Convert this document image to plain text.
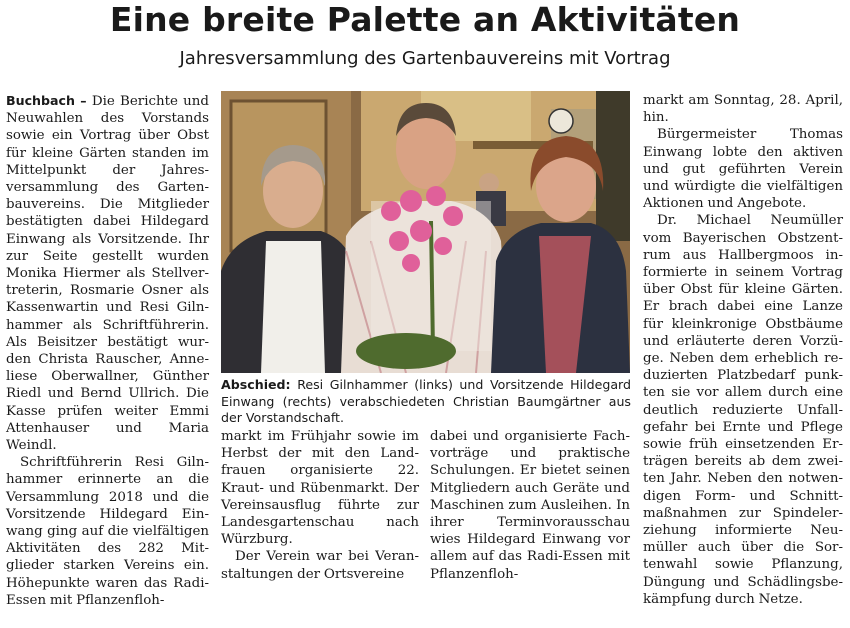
Eine breite Palette an Aktivitäten
Jahresversammlung des Gartenbauvereins mit Vortrag

Buchbach – Die Berichte und Neuwahlen des Vorstands sowie ein Vortrag über Obst für kleine Gärten standen im Mittelpunkt der Jahresversammlung des Gartenbauvereins. Die Mitglieder bestätigten dabei Hildegard Einwang als Vorsitzende. Ihr zur Seite gestellt wurden Monika Hiermer als Stellvertreterin, Rosmarie Osner als Kassenwartin und Resi Gilnhammer als Schriftführerin. Als Beisitzer bestätigt wurden Christa Rauscher, Anneliese Oberwallner, Günther Riedl und Bernd Ullrich. Die Kasse prüfen weiter Emmi Attenhauser und Maria Weindl.

Schriftführerin Resi Gilnhammer erinnerte an die Versammlung 2018 und die Vorsitzende Hildegard Einwang ging auf die vielfältigen Aktivitäten des 282 Mitglieder starken Vereins ein. Höhepunkte waren das Radi-Essen mit Pflanzenfloh-

Abschied: Resi Gilnhammer (links) und Vorsitzende Hildegard Einwang (rechts) verabschiedeten Christian Baumgärtner aus der Vorstandschaft.

markt im Frühjahr sowie im Herbst der mit den Landfrauen organisierte 22. Kraut- und Rübenmarkt. Der Vereinsausflug führte zur Landesgartenschau nach Würzburg.

Der Verein war bei Veranstaltungen der Ortsvereine

dabei und organisierte Fachvorträge und praktische Schulungen. Er bietet seinen Mitgliedern auch Geräte und Maschinen zum Ausleihen. In ihrer Terminvorausschau wies Hildegard Einwang vor allem auf das Radi-Essen mit Pflanzenfloh-

markt am Sonntag, 28. April, hin.

Bürgermeister Thomas Einwang lobte den aktiven und gut geführten Verein und würdigte die vielfältigen Aktionen und Angebote.

Dr. Michael Neumüller vom Bayerischen Obstzentrum aus Hallbergmoos informierte in seinem Vortrag über Obst für kleine Gärten. Er brach dabei eine Lanze für kleinkronige Obstbäume und erläuterte deren Vorzüge. Neben dem erheblich reduzierten Platzbedarf punkten sie vor allem durch eine deutlich reduzierte Unfallgefahr bei Ernte und Pflege sowie früh einsetzenden Erträgen bereits ab dem zweiten Jahr. Neben den notwendigen Form- und Schnittmaßnahmen zur Spindelerziehung informierte Neumüller auch über die Sortenwahl sowie Pflanzung, Düngung und Schädlingsbekämpfung durch Netze.
